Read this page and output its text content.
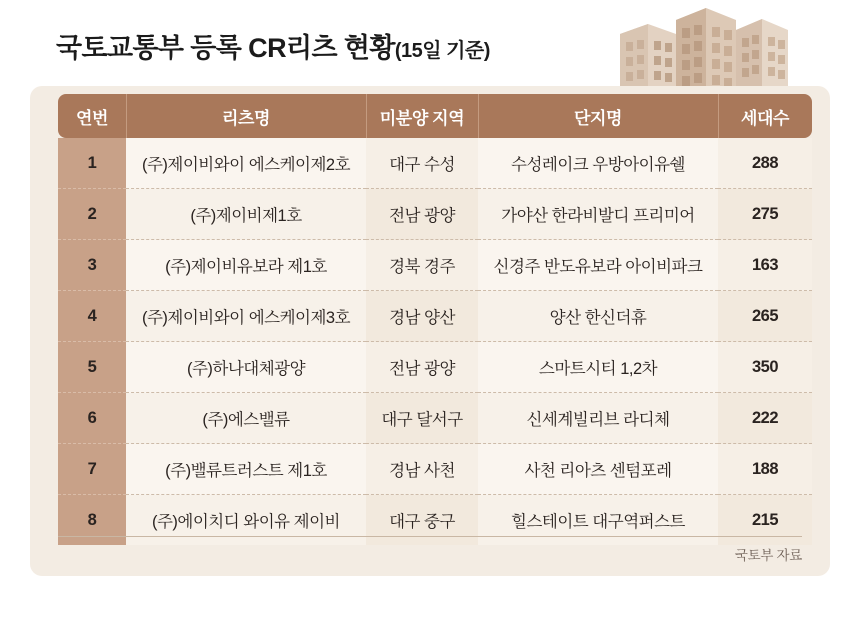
국토교통부 등록 CR리츠 현황 (15일 기준)
연번	리츠명	미분양 지역	단지명	세대수
1	(주)제이비와이 에스케이제2호	대구 수성	수성레이크 우방아이유쉘	288
2	(주)제이비제1호	전남 광양	가야산 한라비발디 프리미어	275
3	(주)제이비유보라 제1호	경북 경주	신경주 반도유보라 아이비파크	163
4	(주)제이비와이 에스케이제3호	경남 양산	양산 한신더휴	265
5	(주)하나대체광양	전남 광양	스마트시티 1,2차	350
6	(주)에스밸류	대구 달서구	신세계빌리브 라디체	222
7	(주)밸류트러스트 제1호	경남 사천	사천 리아츠 센텀포레	188
8	(주)에이치디 와이유 제이비	대구 중구	힐스테이트 대구역퍼스트	215
국토부 자료
